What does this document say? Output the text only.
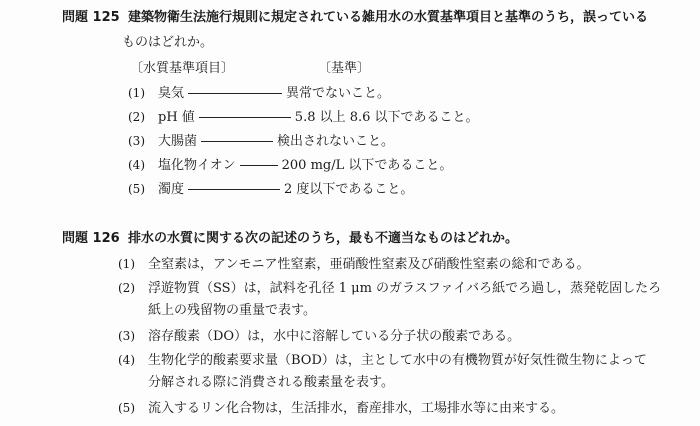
問題 125 建築物衛生法施行規則に規定されている雑用水の水質基準項目と基準のうち，誤っている
ものはどれか。
〔水質基準項目〕	〔基準〕
(1) 臭気	異常でないこと。
(2) pH 値	5.8 以上 8.6 以下であること。
(3) 大腸菌	検出されないこと。
(4) 塩化物イオン	200 mg/L 以下であること。
(5) 濁度	2 度以下であること。
問題 126 排水の水質に関する次の記述のうち，最も不適当なものはどれか。
(1) 全窒素は，アンモニア性窒素，亜硝酸性窒素及び硝酸性窒素の総和である。
(2) 浮遊物質（SS）は，試料を孔径 1 μm のガラスファイバろ紙でろ過し，蒸発乾固したろ
紙上の残留物の重量で表す。
(3) 溶存酸素（DO）は，水中に溶解している分子状の酸素である。
(4) 生物化学的酸素要求量（BOD）は，主として水中の有機物質が好気性微生物によって
分解される際に消費される酸素量を表す。
(5) 流入するリン化合物は，生活排水，畜産排水，工場排水等に由来する。
